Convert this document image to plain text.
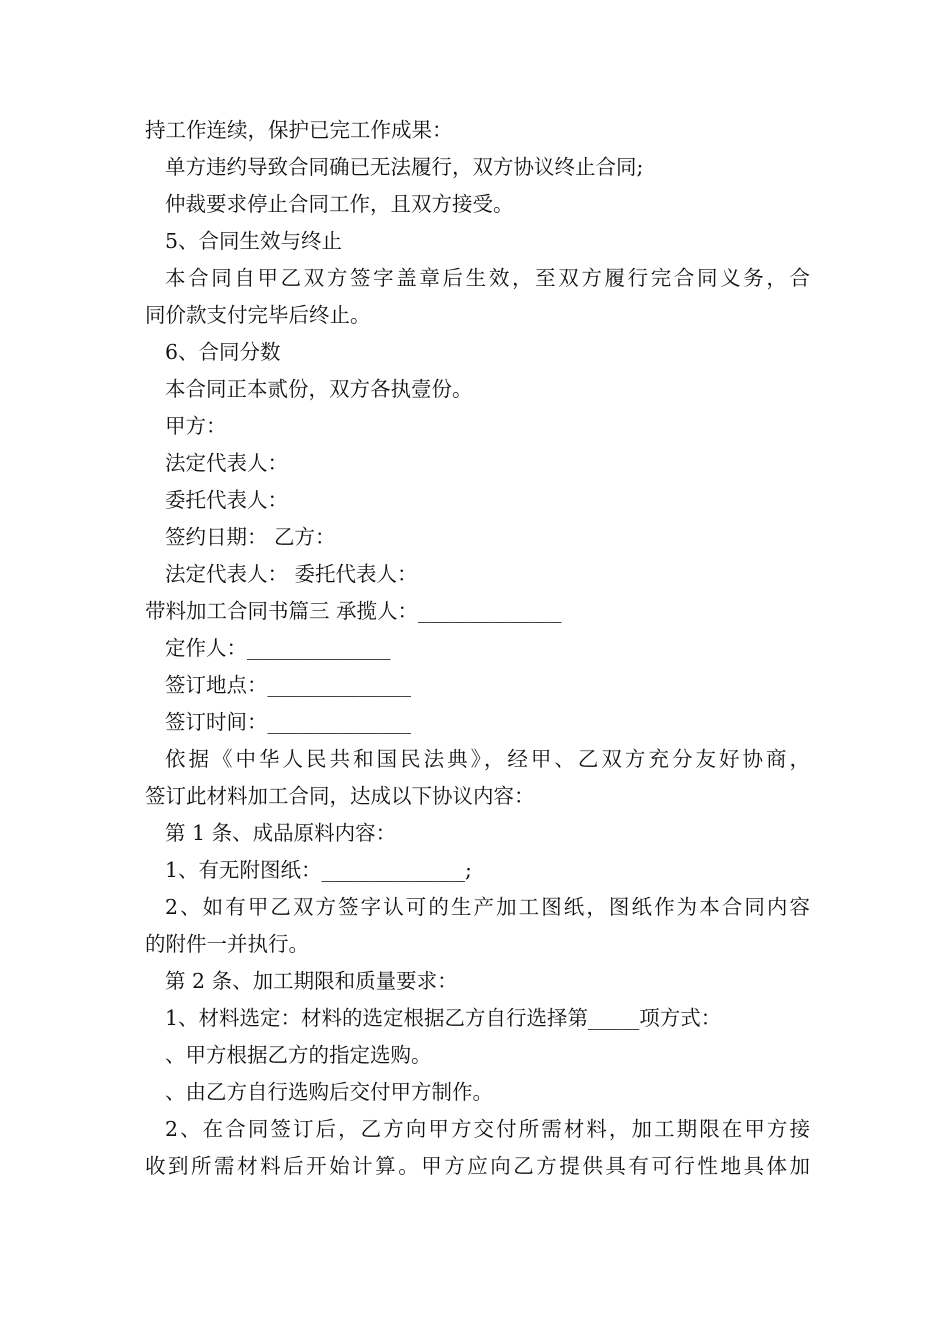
持工作连续，保护已完工作成果：
单方违约导致合同确已无法履行，双方协议终止合同;
仲裁要求停止合同工作，且双方接受。
5、合同生效与终止
本合同自甲乙双方签字盖章后生效，至双方履行完合同义务，合
同价款支付完毕后终止。
6、合同分数
本合同正本贰份，双方各执壹份。
甲方：
法定代表人：
委托代表人：
签约日期： 乙方：
法定代表人： 委托代表人：
带料加工合同书篇三 承揽人：______________
定作人：______________
签订地点：______________
签订时间：______________
依据《中华人民共和国民法典》，经甲、乙双方充分友好协商，
签订此材料加工合同，达成以下协议内容：
第 1 条、成品原料内容：
1、有无附图纸：______________;
2、如有甲乙双方签字认可的生产加工图纸，图纸作为本合同内容
的附件一并执行。
第 2 条、加工期限和质量要求：
1、材料选定：材料的选定根据乙方自行选择第_____项方式：
、甲方根据乙方的指定选购。
、由乙方自行选购后交付甲方制作。
2、在合同签订后，乙方向甲方交付所需材料，加工期限在甲方接
收到所需材料后开始计算。甲方应向乙方提供具有可行性地具体加
